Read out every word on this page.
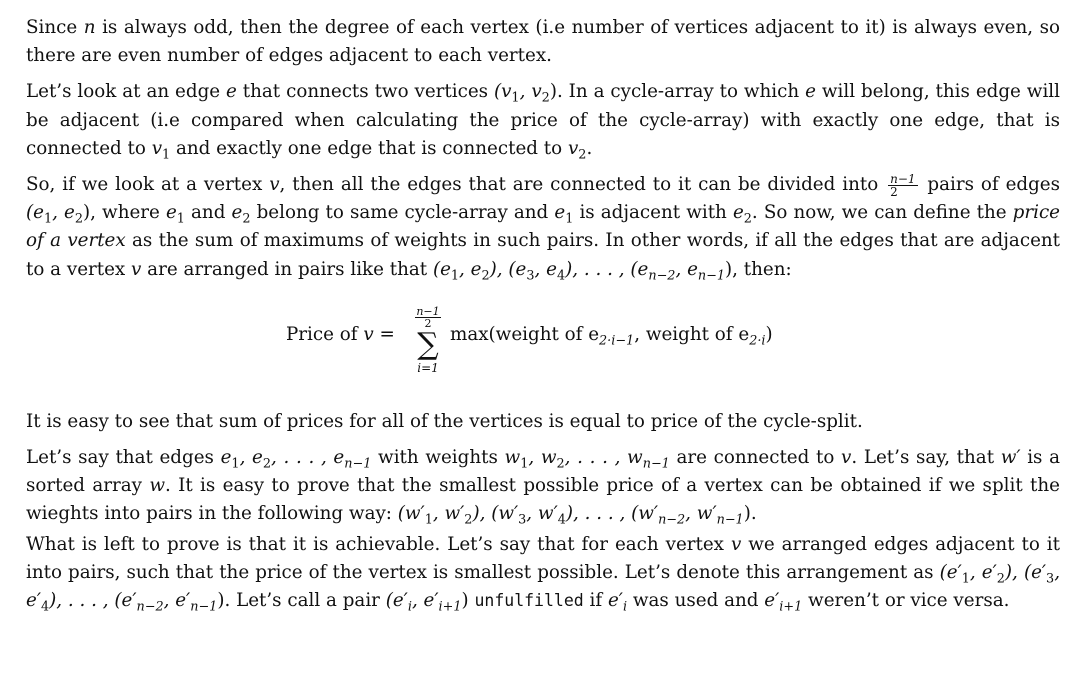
Since n is always odd, then the degree of each vertex (i.e number of vertices adjacent to it) is always even, so there are even number of edges adjacent to each vertex.

Let’s look at an edge e that connects two vertices ($v_1$, $v_2$). In a cycle-array to which e will belong, this edge will be adjacent (i.e compared when calculating the price of the cycle-array) with exactly one edge, that is connected to $v_1$ and exactly one edge that is connected to $v_2$.

So, if we look at a vertex v, then all the edges that are connected to it can be divided into $\frac{n-1}{2}$ pairs of edges ($e_1$, $e_2$), where $e_1$ and $e_2$ belong to same cycle-array and $e_1$ is adjacent with $e_2$. So now, we can define the price of a vertex as the sum of maximums of weights in such pairs. In other words, if all the edges that are adjacent to a vertex v are arranged in pairs like that ($e_1$, $e_2$), ($e_3$, $e_4$), . . . , ($e_{n-2}$, $e_{n-1}$), then:

Price of v =
$\frac{n-1}{2}$
∑
i=1
max(weight of $e_{2\cdot i-1}$, weight of $e_{2\cdot i}$)

It is easy to see that sum of prices for all of the vertices is equal to price of the cycle-split.

Let’s say that edges $e_1$, $e_2$, . . . , $e_{n-1}$ with weights $w_1$, $w_2$, . . . , $w_{n-1}$ are connected to v. Let’s say, that w′ is a sorted array w. It is easy to prove that the smallest possible price of a vertex can be obtained if we split the wieghts into pairs in the following way: ($w'_1$, $w'_2$), ($w'_3$, $w'_4$), . . . , ($w'_{n-2}$, $w'_{n-1}$).

What is left to prove is that it is achievable. Let’s say that for each vertex v we arranged edges adjacent to it into pairs, such that the price of the vertex is smallest possible. Let’s denote this arrangement as ($e'_1$, $e'_2$), ($e'_3$, $e'_4$), . . . , ($e'_{n-2}$, $e'_{n-1}$). Let’s call a pair ($e'_i$, $e'_{i+1}$) unfulfilled if $e'_i$ was used and $e'_{i+1}$ weren’t or vice versa.
